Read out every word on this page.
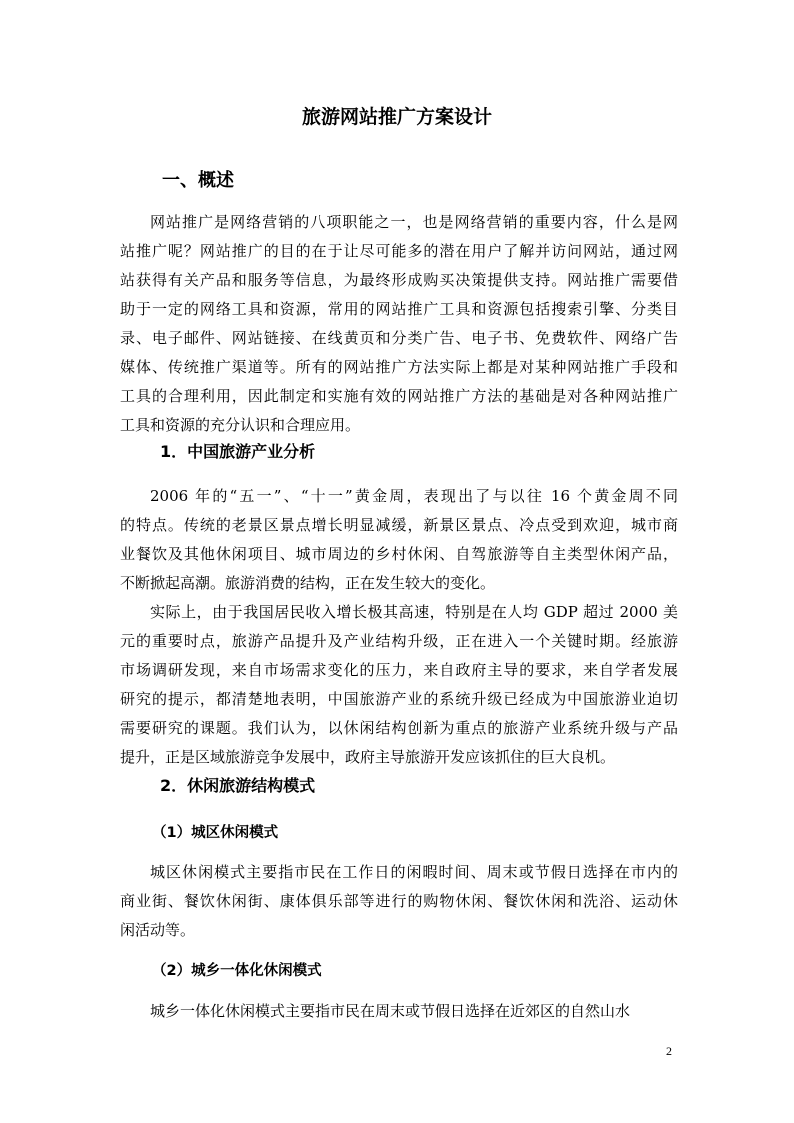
旅游网站推广方案设计
一、概述
网站推广是网络营销的八项职能之一，也是网络营销的重要内容，什么是网
站推广呢？网站推广的目的在于让尽可能多的潜在用户了解并访问网站，通过网
站获得有关产品和服务等信息，为最终形成购买决策提供支持。网站推广需要借
助于一定的网络工具和资源，常用的网站推广工具和资源包括搜索引擎、分类目
录、电子邮件、网站链接、在线黄页和分类广告、电子书、免费软件、网络广告
媒体、传统推广渠道等。所有的网站推广方法实际上都是对某种网站推广手段和
工具的合理利用，因此制定和实施有效的网站推广方法的基础是对各种网站推广
工具和资源的充分认识和合理应用。
1．中国旅游产业分析
2006 年的“五一”、“十一”黄金周，表现出了与以往 16 个黄金周不同
的特点。传统的老景区景点增长明显减缓，新景区景点、冷点受到欢迎，城市商
业餐饮及其他休闲项目、城市周边的乡村休闲、自驾旅游等自主类型休闲产品，
不断掀起高潮。旅游消费的结构，正在发生较大的变化。
实际上，由于我国居民收入增长极其高速，特别是在人均 GDP 超过 2000 美
元的重要时点，旅游产品提升及产业结构升级，正在进入一个关键时期。经旅游
市场调研发现，来自市场需求变化的压力，来自政府主导的要求，来自学者发展
研究的提示，都清楚地表明，中国旅游产业的系统升级已经成为中国旅游业迫切
需要研究的课题。我们认为，以休闲结构创新为重点的旅游产业系统升级与产品
提升，正是区域旅游竞争发展中，政府主导旅游开发应该抓住的巨大良机。
2．休闲旅游结构模式
（1）城区休闲模式
城区休闲模式主要指市民在工作日的闲暇时间、周末或节假日选择在市内的
商业街、餐饮休闲街、康体俱乐部等进行的购物休闲、餐饮休闲和洗浴、运动休
闲活动等。
（2）城乡一体化休闲模式
城乡一体化休闲模式主要指市民在周末或节假日选择在近郊区的自然山水
2
